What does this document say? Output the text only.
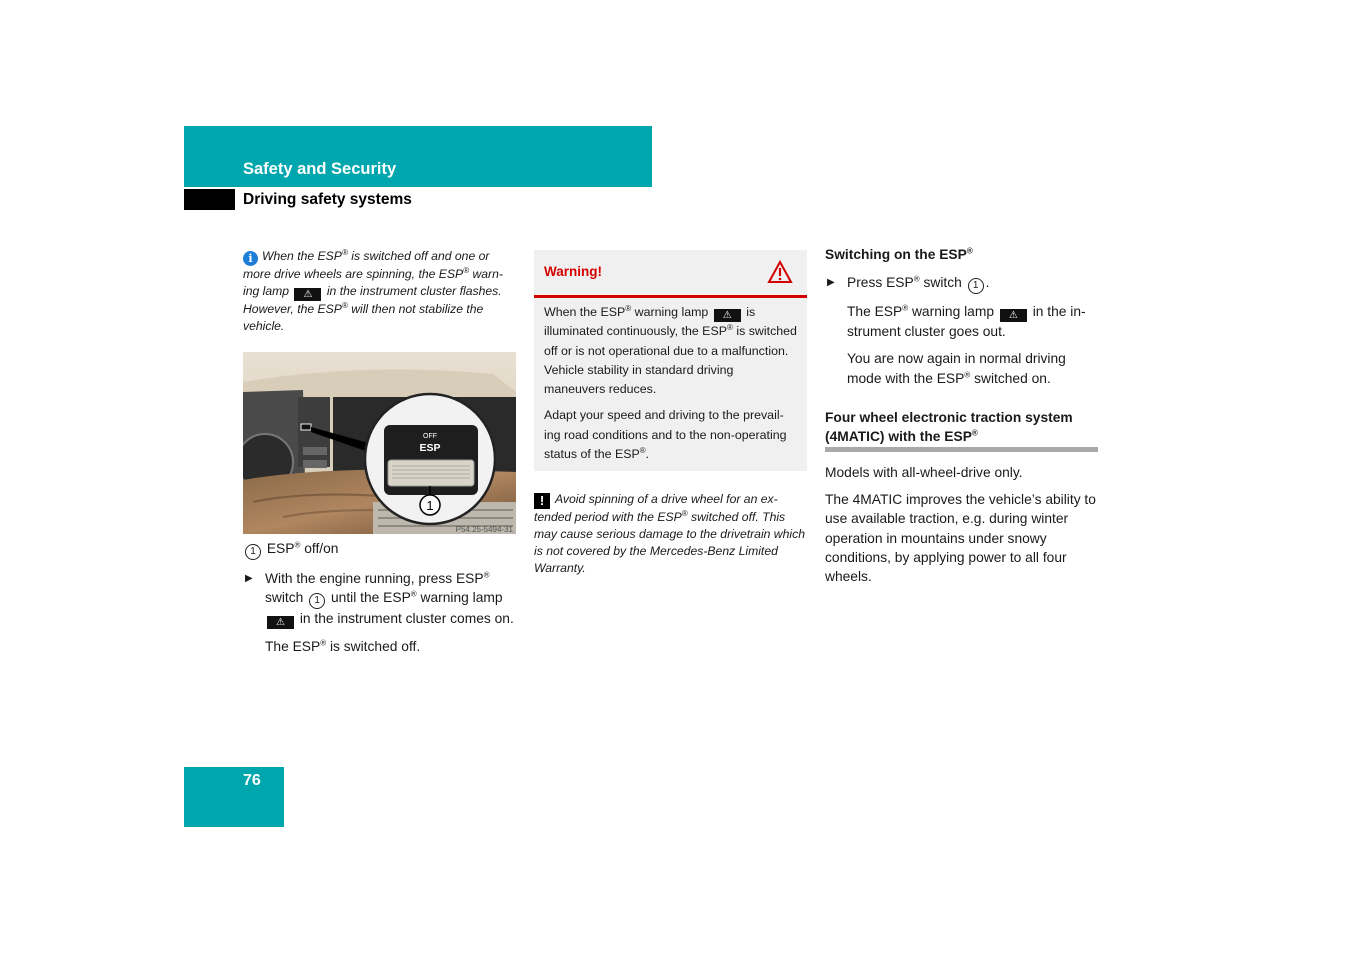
Safety and Security
Driving safety systems

i When the ESP® is switched off and one or more drive wheels are spinning, the ESP® warn-ing lamp ⚠ in the instrument cluster flashes. However, the ESP® will then not stabilize the vehicle.

OFF
ESP
1
P54.25-5494-31

1 ESP® off/on

▶ With the engine running, press ESP® switch 1 until the ESP® warning lamp ⚠ in the instrument cluster comes on.

The ESP® is switched off.

Warning!

When the ESP® warning lamp ⚠ is illuminated continuously, the ESP® is switched off or is not operational due to a malfunction. Vehicle stability in standard driving maneuvers reduces.

Adapt your speed and driving to the prevail-ing road conditions and to the non-operating status of the ESP®.

! Avoid spinning of a drive wheel for an ex-tended period with the ESP® switched off. This may cause serious damage to the drivetrain which is not covered by the Mercedes-Benz Limited Warranty.

Switching on the ESP®

▶ Press ESP® switch 1 .

The ESP® warning lamp ⚠ in the in-strument cluster goes out.

You are now again in normal driving mode with the ESP® switched on.

Four wheel electronic traction system (4MATIC) with the ESP®

Models with all-wheel-drive only.

The 4MATIC improves the vehicle’s ability to use available traction, e.g. during winter operation in mountains under snowy conditions, by applying power to all four wheels.

76
